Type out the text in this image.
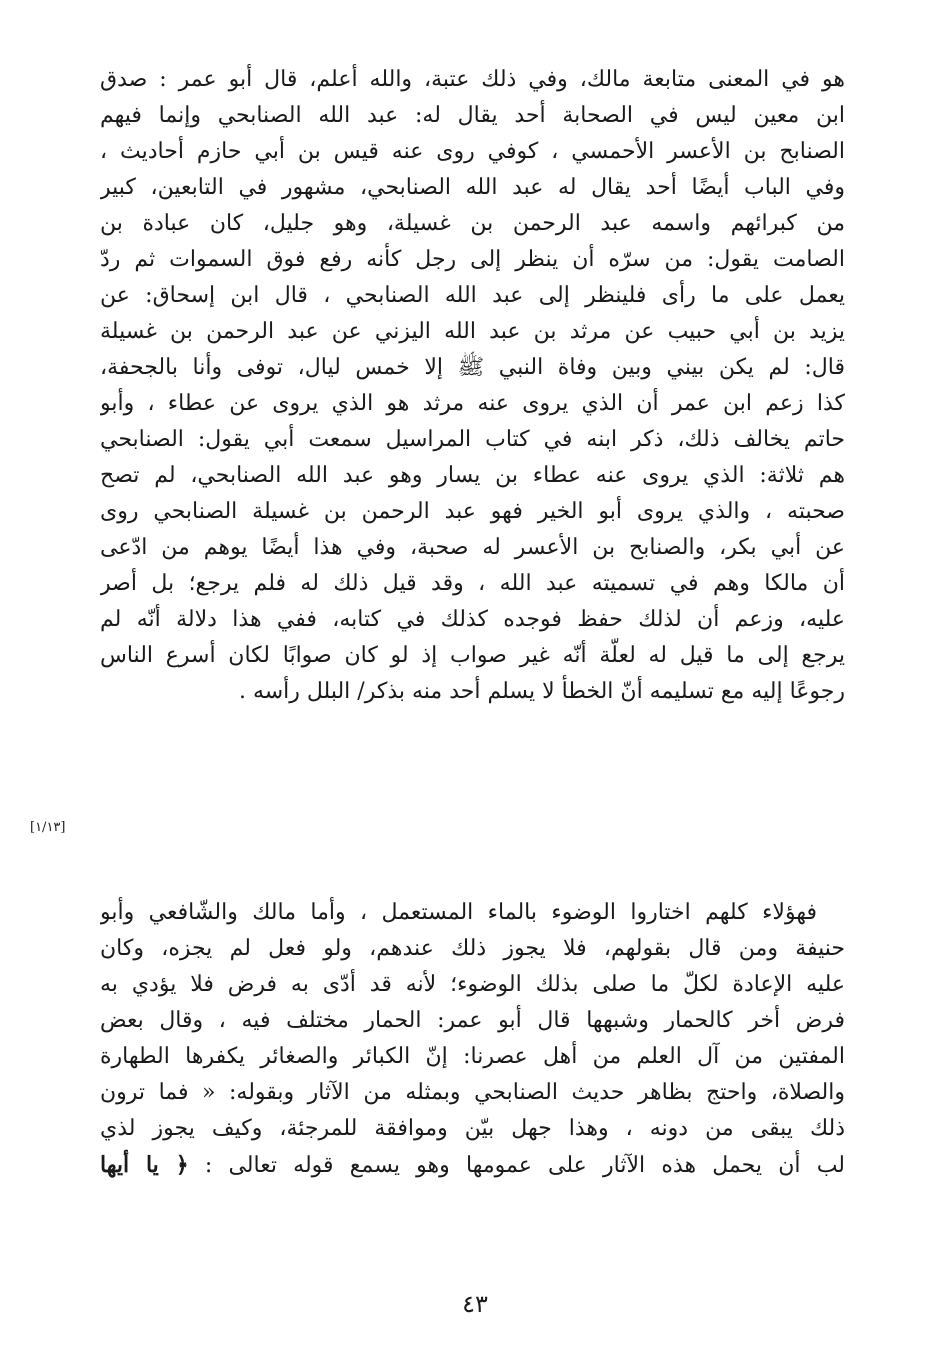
هو في المعنى متابعة مالك، وفي ذلك عتبة، والله أعلم، قال أبو عمر : صدق
ابن معين ليس في الصحابة أحد يقال له: عبد الله الصنابحي وإنما فيهم
الصنابح بن الأعسر الأحمسي ، كوفي روى عنه قيس بن أبي حازم أحاديث ،
وفي الباب أيضًا أحد يقال له عبد الله الصنابحي، مشهور في التابعين، كبير
من كبرائهم واسمه عبد الرحمن بن غسيلة، وهو جليل، كان عبادة بن
الصامت يقول: من سرّه أن ينظر إلى رجل كأنه رفع فوق السموات ثم ردّ
يعمل على ما رأى فلينظر إلى عبد الله الصنابحي ، قال ابن إسحاق: عن
يزيد بن أبي حبيب عن مرثد بن عبد الله اليزني عن عبد الرحمن بن غسيلة
قال: لم يكن بيني وبين وفاة النبي ﷺ إلا خمس ليال، توفى وأنا بالجحفة،
كذا زعم ابن عمر أن الذي يروى عنه مرثد هو الذي يروى عن عطاء ، وأبو
حاتم يخالف ذلك، ذكر ابنه في كتاب المراسيل سمعت أبي يقول: الصنابحي
هم ثلاثة: الذي يروى عنه عطاء بن يسار وهو عبد الله الصنابحي، لم تصح
صحبته ، والذي يروى أبو الخير فهو عبد الرحمن بن غسيلة الصنابحي روى
عن أبي بكر، والصنابح بن الأعسر له صحبة، وفي هذا أيضًا يوهم من ادّعى
أن مالكا وهم في تسميته عبد الله ، وقد قيل ذلك له فلم يرجع؛ بل أصر
عليه، وزعم أن لذلك حفظ فوجده كذلك في كتابه، ففي هذا دلالة أنّه لم
يرجع إلى ما قيل له لعلّة أنّه غير صواب إذ لو كان صوابًا لكان أسرع الناس
رجوعًا إليه مع تسليمه أنّ الخطأ لا يسلم أحد منه بذكر/ البلل رأسه .
[١/١٣]
فهؤلاء كلهم اختاروا الوضوء بالماء المستعمل ، وأما مالك والشّافعي وأبو
حنيفة ومن قال بقولهم، فلا يجوز ذلك عندهم، ولو فعل لم يجزه، وكان
عليه الإعادة لكلّ ما صلى بذلك الوضوء؛ لأنه قد أدّى به فرض فلا يؤدي به
فرض أخر كالحمار وشبهها قال أبو عمر: الحمار مختلف فيه ، وقال بعض
المفتين من آل العلم من أهل عصرنا: إنّ الكبائر والصغائر يكفرها الطهارة
والصلاة، واحتج بظاهر حديث الصنابحي وبمثله من الآثار وبقوله: « فما ترون
ذلك يبقى من دونه ، وهذا جهل بيّن وموافقة للمرجئة، وكيف يجوز لذي
لب أن يحمل هذه الآثار على عمومها وهو يسمع قوله تعالى : ﴿ يا أيها
٤٣
